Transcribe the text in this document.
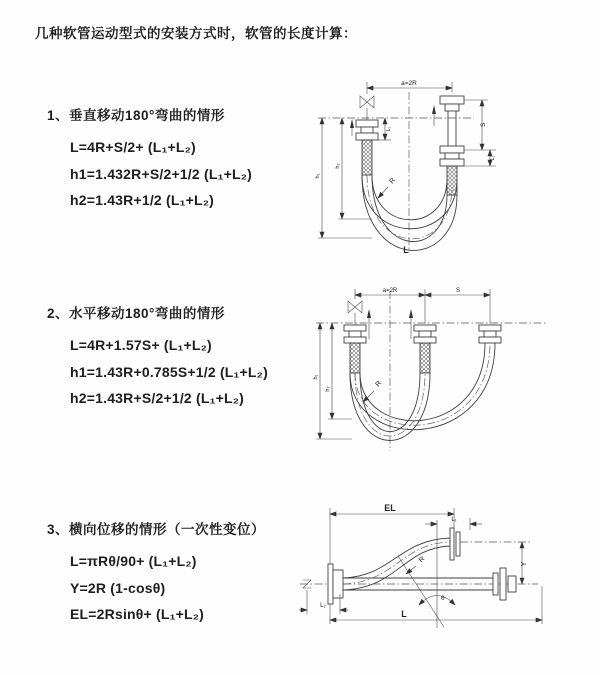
几种软管运动型式的安装方式时，软管的长度计算：
1、垂直移动180°弯曲的情形
L=4R+S/2+ (L₁+L₂)
h1=1.432R+S/2+1/2 (L₁+L₂)
h2=1.43R+1/2 (L₁+L₂)
2、水平移动180°弯曲的情形
L=4R+1.57S+ (L₁+L₂)
h1=1.43R+0.785S+1/2 (L₁+L₂)
h2=1.43R+S/2+1/2 (L₁+L₂)
3、横向位移的情形（一次性变位）
L=πRθ/90+ (L₁+L₂)
Y=2R (1-cosθ)
EL=2Rsinθ+ (L₁+L₂)
a=2R
L₁
S
L₁
h₁
h₂
R
L
a=2R	S
h₁
h₂
R
θ
EL
L₁
Y
R
L₂
L
